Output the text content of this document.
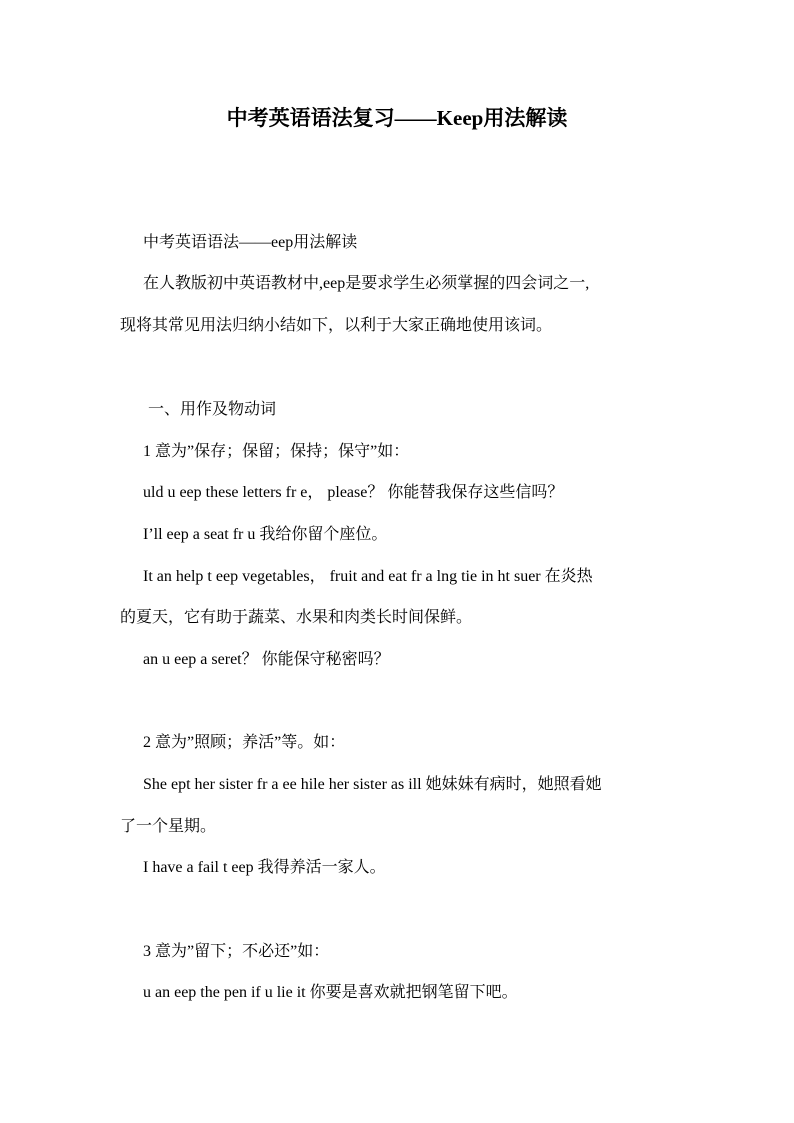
中考英语语法复习——Keep用法解读
中考英语语法——eep用法解读
在人教版初中英语教材中,eep是要求学生必须掌握的四会词之一,
现将其常见用法归纳小结如下，以利于大家正确地使用该词。
一、用作及物动词
1 意为”保存；保留；保持；保守”如：
uld u eep these letters fr e， please？ 你能替我保存这些信吗？
I’ll eep a seat fr u 我给你留个座位。
It an help t eep vegetables， fruit and eat fr a lng tie in ht suer 在炎热
的夏天，它有助于蔬菜、水果和肉类长时间保鲜。
an u eep a seret？ 你能保守秘密吗？
2 意为”照顾；养活”等。如：
She ept her sister fr a ee hile her sister as ill 她妹妹有病时，她照看她
了一个星期。
I have a fail t eep 我得养活一家人。
3 意为”留下；不必还”如：
u an eep the pen if u lie it 你要是喜欢就把钢笔留下吧。
